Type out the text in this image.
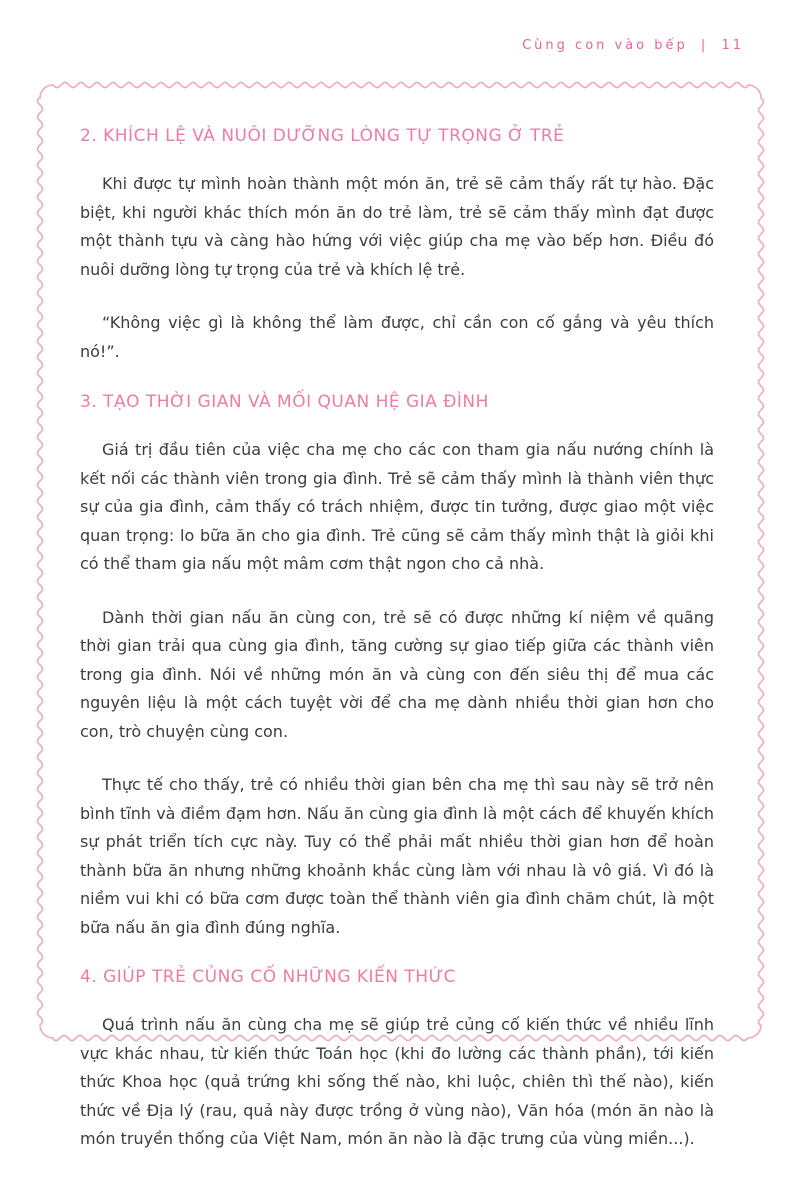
Cùng con vào bếp | 11
2. KHÍCH LỆ VÀ NUÔI DƯỠNG LÒNG TỰ TRỌNG Ở TRẺ

Khi được tự mình hoàn thành một món ăn, trẻ sẽ cảm thấy rất tự hào. Đặc biệt, khi người khác thích món ăn do trẻ làm, trẻ sẽ cảm thấy mình đạt được một thành tựu và càng hào hứng với việc giúp cha mẹ vào bếp hơn. Điều đó nuôi dưỡng lòng tự trọng của trẻ và khích lệ trẻ.

“Không việc gì là không thể làm được, chỉ cần con cố gắng và yêu thích nó!”.

3. TẠO THỜI GIAN VÀ MỐI QUAN HỆ GIA ĐÌNH

Giá trị đầu tiên của việc cha mẹ cho các con tham gia nấu nướng chính là kết nối các thành viên trong gia đình. Trẻ sẽ cảm thấy mình là thành viên thực sự của gia đình, cảm thấy có trách nhiệm, được tin tưởng, được giao một việc quan trọng: lo bữa ăn cho gia đình. Trẻ cũng sẽ cảm thấy mình thật là giỏi khi có thể tham gia nấu một mâm cơm thật ngon cho cả nhà.

Dành thời gian nấu ăn cùng con, trẻ sẽ có được những kí niệm về quãng thời gian trải qua cùng gia đình, tăng cường sự giao tiếp giữa các thành viên trong gia đình. Nói về những món ăn và cùng con đến siêu thị để mua các nguyên liệu là một cách tuyệt vời để cha mẹ dành nhiều thời gian hơn cho con, trò chuyện cùng con.

Thực tế cho thấy, trẻ có nhiều thời gian bên cha mẹ thì sau này sẽ trở nên bình tĩnh và điềm đạm hơn. Nấu ăn cùng gia đình là một cách để khuyến khích sự phát triển tích cực này. Tuy có thể phải mất nhiều thời gian hơn để hoàn thành bữa ăn nhưng những khoảnh khắc cùng làm với nhau là vô giá. Vì đó là niềm vui khi có bữa cơm được toàn thể thành viên gia đình chăm chút, là một bữa nấu ăn gia đình đúng nghĩa.

4. GIÚP TRẺ CỦNG CỐ NHỮNG KIẾN THỨC

Quá trình nấu ăn cùng cha mẹ sẽ giúp trẻ củng cố kiến thức về nhiều lĩnh vực khác nhau, từ kiến thức Toán học (khi đo lường các thành phần), tới kiến thức Khoa học (quả trứng khi sống thế nào, khi luộc, chiên thì thế nào), kiến thức về Địa lý (rau, quả này được trồng ở vùng nào), Văn hóa (món ăn nào là món truyền thống của Việt Nam, món ăn nào là đặc trưng của vùng miền...).
